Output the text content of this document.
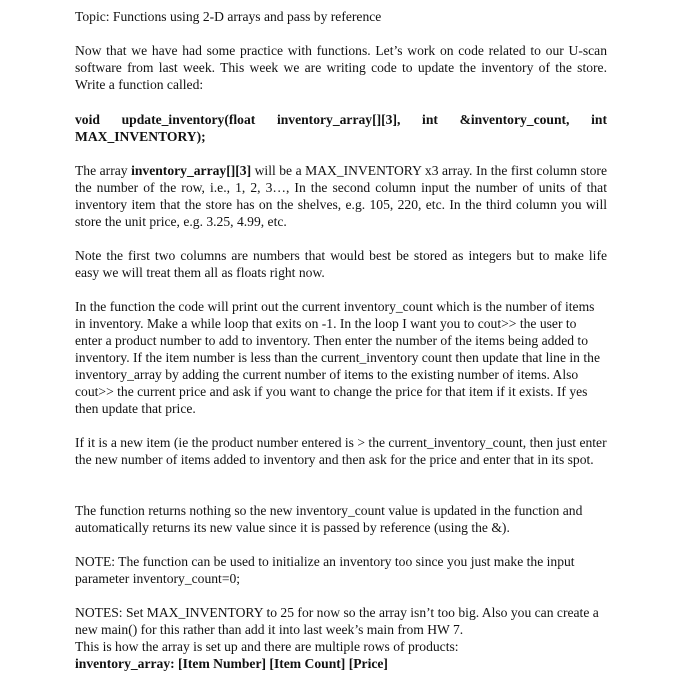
Topic: Functions using 2-D arrays and pass by reference

Now that we have had some practice with functions. Let’s work on code related to our U-scan software from last week. This week we are writing code to update the inventory of the store. Write a function called:

void update_inventory(float inventory_array[][3], int &inventory_count, int MAX_INVENTORY);

The array inventory_array[][3] will be a MAX_INVENTORY x3 array. In the first column store the number of the row, i.e., 1, 2, 3…, In the second column input the number of units of that inventory item that the store has on the shelves, e.g. 105, 220, etc. In the third column you will store the unit price, e.g. 3.25, 4.99, etc.

Note the first two columns are numbers that would best be stored as integers but to make life easy we will treat them all as floats right now.

In the function the code will print out the current inventory_count which is the number of items in inventory. Make a while loop that exits on -1. In the loop I want you to cout>> the user to enter a product number to add to inventory. Then enter the number of the items being added to inventory. If the item number is less than the current_inventory count then update that line in the inventory_array by adding the current number of items to the existing number of items. Also cout>> the current price and ask if you want to change the price for that item if it exists. If yes then update that price.

If it is a new item (ie the product number entered is > the current_inventory_count, then just enter the new number of items added to inventory and then ask for the price and enter that in its spot.

The function returns nothing so the new inventory_count value is updated in the function and automatically returns its new value since it is passed by reference (using the &).

NOTE: The function can be used to initialize an inventory too since you just make the input parameter inventory_count=0;

NOTES: Set MAX_INVENTORY to 25 for now so the array isn’t too big. Also you can create a new main() for this rather than add it into last week’s main from HW 7.
This is how the array is set up and there are multiple rows of products:
inventory_array: [Item Number] [Item Count] [Price]
